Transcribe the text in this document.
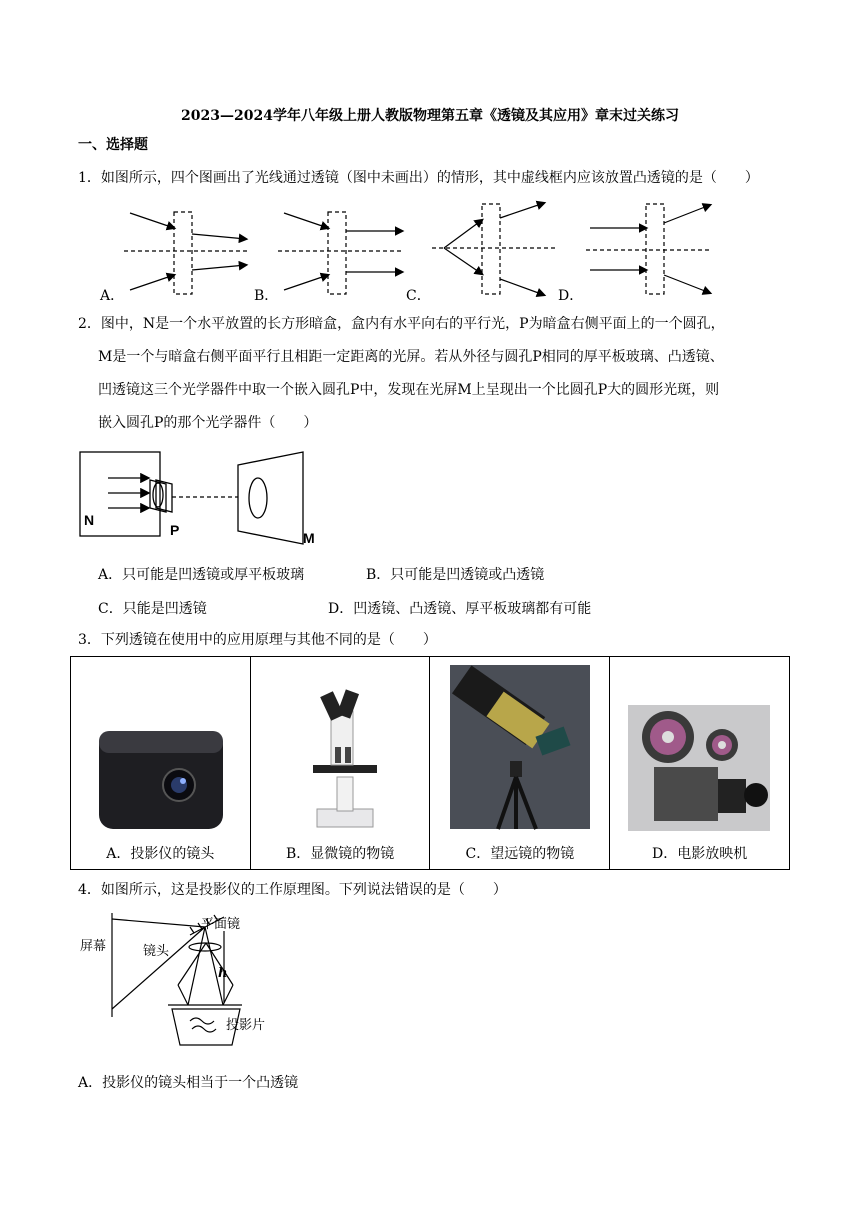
2023—2024学年八年级上册人教版物理第五章《透镜及其应用》章末过关练习
一、选择题
1．如图所示，四个图画出了光线通过透镜（图中未画出）的情形，其中虚线框内应该放置凸透镜的是（　　）
A．	B．	C．	D．
2．图中，N是一个水平放置的长方形暗盒，盒内有水平向右的平行光，P为暗盒右侧平面上的一个圆孔，
M是一个与暗盒右侧平面平行且相距一定距离的光屏。若从外径与圆孔P相同的厚平板玻璃、凸透镜、
凹透镜这三个光学器件中取一个嵌入圆孔P中，发现在光屏M上呈现出一个比圆孔P大的圆形光斑，则
嵌入圆孔P的那个光学器件（　　）
N
P	M
A．只可能是凹透镜或厚平板玻璃	B．只可能是凹透镜或凸透镜
C．只能是凹透镜	D．凹透镜、凸透镜、厚平板玻璃都有可能
3．下列透镜在使用中的应用原理与其他不同的是（　　）
A．投影仪的镜头	B．显微镜的物镜	C．望远镜的物镜	D．电影放映机
4．如图所示，这是投影仪的工作原理图。下列说法错误的是（　　）
平面镜
屏幕	镜头
h
投影片
A．投影仪的镜头相当于一个凸透镜
